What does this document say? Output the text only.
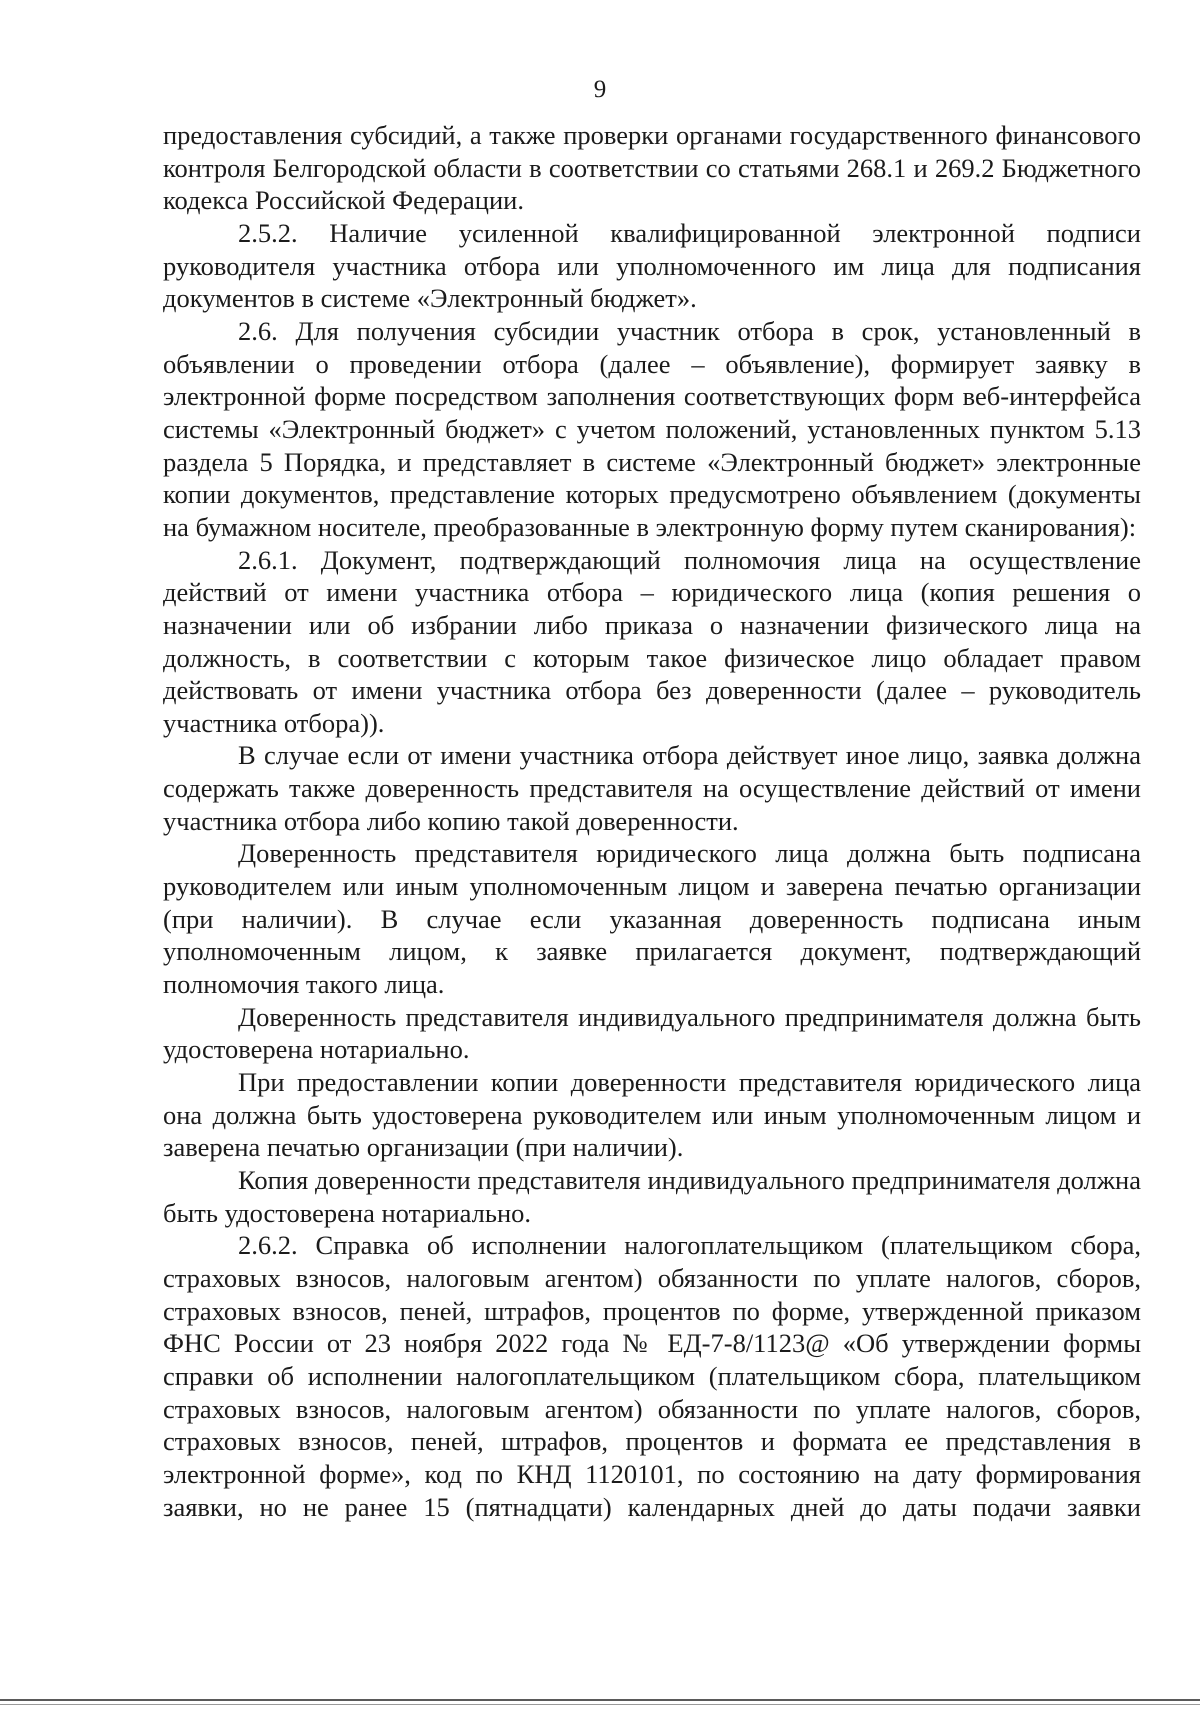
9

предоставления субсидий, а также проверки органами государственного финансового контроля Белгородской области в соответствии со статьями 268.1 и 269.2 Бюджетного кодекса Российской Федерации.

2.5.2. Наличие усиленной квалифицированной электронной подписи руководителя участника отбора или уполномоченного им лица для подписания документов в системе «Электронный бюджет».

2.6. Для получения субсидии участник отбора в срок, установленный в объявлении о проведении отбора (далее – объявление), формирует заявку в электронной форме посредством заполнения соответствующих форм веб-интерфейса системы «Электронный бюджет» с учетом положений, установленных пунктом 5.13 раздела 5 Порядка, и представляет в системе «Электронный бюджет» электронные копии документов, представление которых предусмотрено объявлением (документы на бумажном носителе, преобразованные в электронную форму путем сканирования):

2.6.1. Документ, подтверждающий полномочия лица на осуществление действий от имени участника отбора – юридического лица (копия решения о назначении или об избрании либо приказа о назначении физического лица на должность, в соответствии с которым такое физическое лицо обладает правом действовать от имени участника отбора без доверенности (далее – руководитель участника отбора)).

В случае если от имени участника отбора действует иное лицо, заявка должна содержать также доверенность представителя на осуществление действий от имени участника отбора либо копию такой доверенности.

Доверенность представителя юридического лица должна быть подписана руководителем или иным уполномоченным лицом и заверена печатью организации (при наличии). В случае если указанная доверенность подписана иным уполномоченным лицом, к заявке прилагается документ, подтверждающий полномочия такого лица.

Доверенность представителя индивидуального предпринимателя должна быть удостоверена нотариально.

При предоставлении копии доверенности представителя юридического лица она должна быть удостоверена руководителем или иным уполномоченным лицом и заверена печатью организации (при наличии).

Копия доверенности представителя индивидуального предпринимателя должна быть удостоверена нотариально.

2.6.2. Справка об исполнении налогоплательщиком (плательщиком сбора, страховых взносов, налоговым агентом) обязанности по уплате налогов, сборов, страховых взносов, пеней, штрафов, процентов по форме, утвержденной приказом ФНС России от 23 ноября 2022 года № ЕД-7-8/1123@ «Об утверждении формы справки об исполнении налогоплательщиком (плательщиком сбора, плательщиком страховых взносов, налоговым агентом) обязанности по уплате налогов, сборов, страховых взносов, пеней, штрафов, процентов и формата ее представления в электронной форме», код по КНД 1120101, по состоянию на дату формирования заявки, но не ранее 15 (пятнадцати) календарных дней до даты подачи заявки
